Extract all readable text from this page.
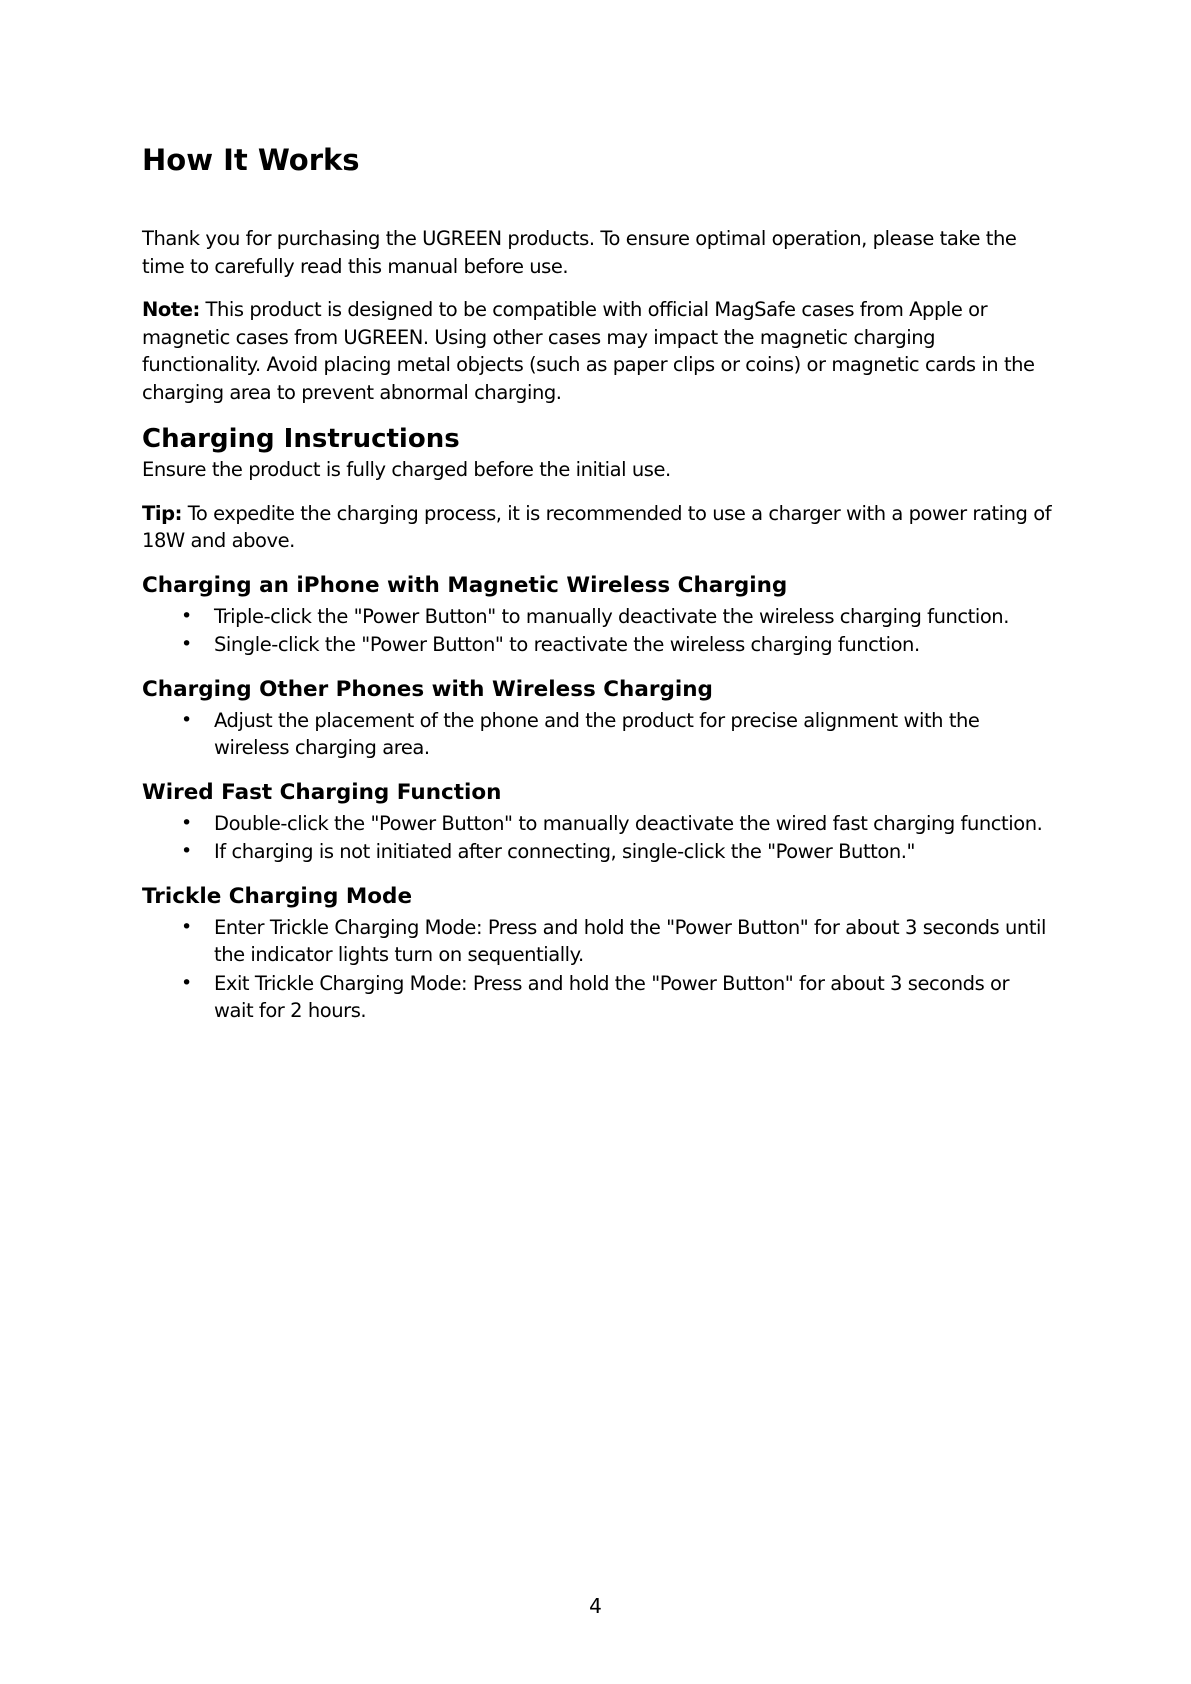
How It Works

Thank you for purchasing the UGREEN products. To ensure optimal operation, please take the time to carefully read this manual before use.

Note: This product is designed to be compatible with official MagSafe cases from Apple or magnetic cases from UGREEN. Using other cases may impact the magnetic charging functionality. Avoid placing metal objects (such as paper clips or coins) or magnetic cards in the charging area to prevent abnormal charging.

Charging Instructions

Ensure the product is fully charged before the initial use.

Tip: To expedite the charging process, it is recommended to use a charger with a power rating of 18W and above.

Charging an iPhone with Magnetic Wireless Charging
• Triple-click the "Power Button" to manually deactivate the wireless charging function.
• Single-click the "Power Button" to reactivate the wireless charging function.
Charging Other Phones with Wireless Charging
• Adjust the placement of the phone and the product for precise alignment with the wireless charging area.
Wired Fast Charging Function
• Double-click the "Power Button" to manually deactivate the wired fast charging function.
• If charging is not initiated after connecting, single-click the "Power Button."
Trickle Charging Mode
• Enter Trickle Charging Mode: Press and hold the "Power Button" for about 3 seconds until the indicator lights turn on sequentially.
• Exit Trickle Charging Mode: Press and hold the "Power Button" for about 3 seconds or wait for 2 hours.
4
